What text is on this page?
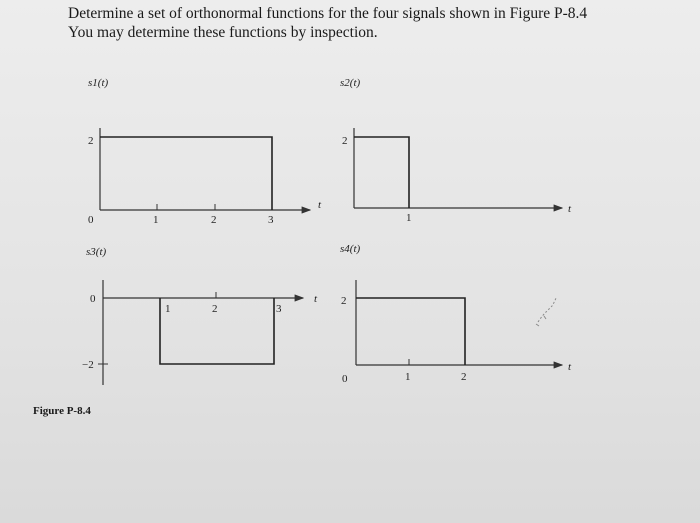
Determine a set of orthonormal functions for the four signals shown in Figure P-8.4
You may determine these functions by inspection.
s1(t)
t
2
0	1	2	3
s2(t)
t
2
1
s3(t)
t
0
−2
1	2	3
s4(t)
t
2
0	1	2
Figure P-8.4
